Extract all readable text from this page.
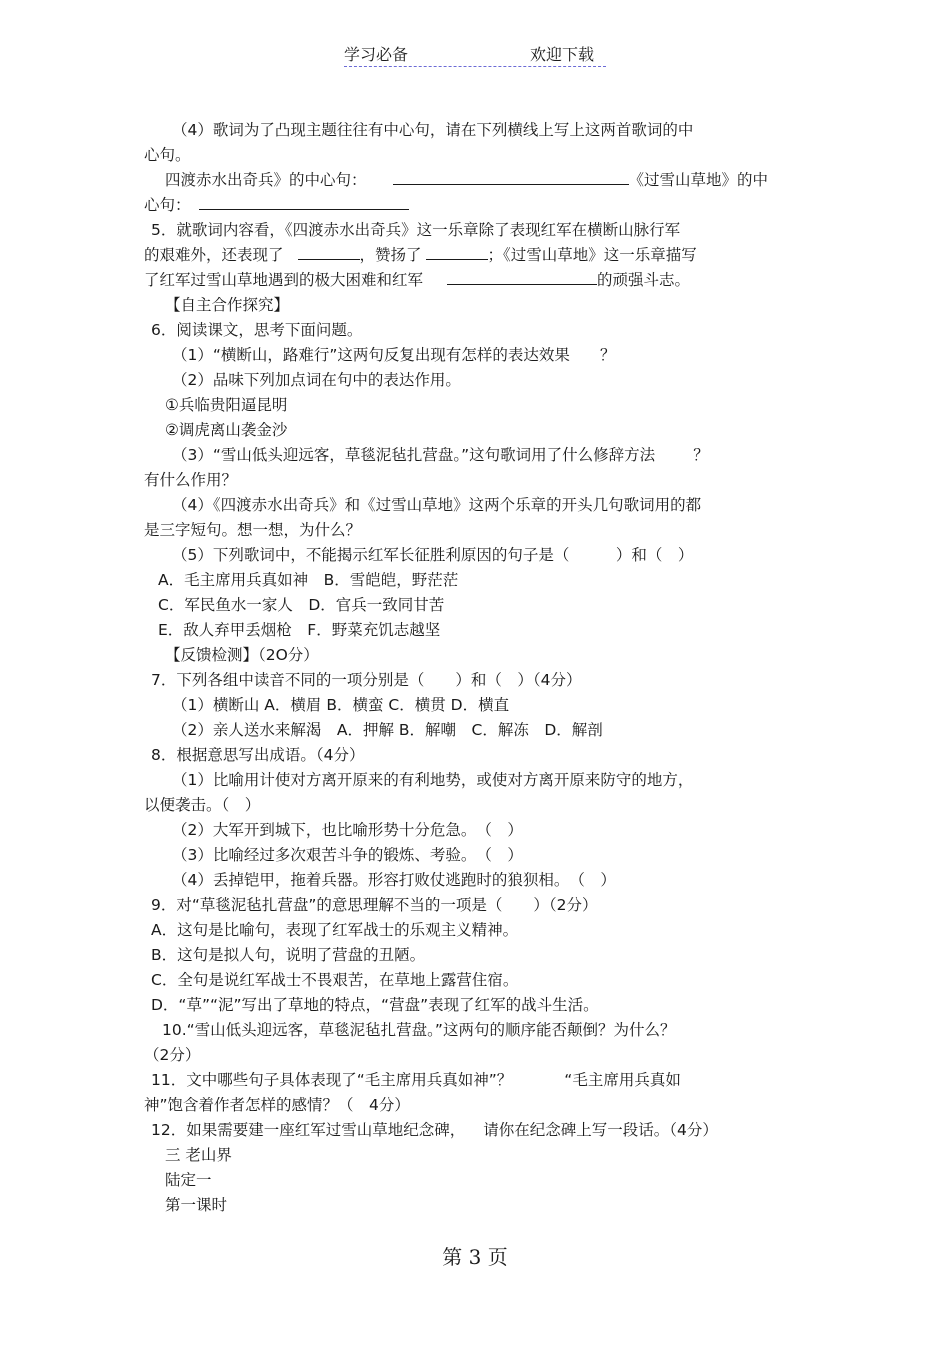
学习必备	欢迎下载
（4）歌词为了凸现主题往往有中心句，请在下列横线上写上这两首歌词的中
心句。
四渡赤水出奇兵》的中心句：	《过雪山草地》的中
心句：
5．就歌词内容看，《四渡赤水出奇兵》这一乐章除了表现红军在横断山脉行军
的艰难外，还表现了	，赞扬了	；《过雪山草地》这一乐章描写
了红军过雪山草地遇到的极大困难和红军	的顽强斗志。
【自主合作探究】
6．阅读课文，思考下面问题。
（1）“横断山，路难行”这两句反复出现有怎样的表达效果 ？
（2）品味下列加点词在句中的表达作用。
①兵临贵阳逼昆明
②调虎离山袭金沙
（3）“雪山低头迎远客，草毯泥毡扎营盘。”这句歌词用了什么修辞方法 ？
有什么作用？
（4）《四渡赤水出奇兵》和《过雪山草地》这两个乐章的开头几句歌词用的都
是三字短句。想一想，为什么？
（5）下列歌词中，不能揭示红军长征胜利原因的句子是（　　　）和（　）
A．毛主席用兵真如神　B．雪皑皑，野茫茫
C．军民鱼水一家人　D．官兵一致同甘苦
E．敌人弃甲丢烟枪　F．野菜充饥志越坚
【反馈检测】（2O分）
7．下列各组中读音不同的一项分别是（　　）和（　）（4分）
（1）横断山 A．横眉 B．横蛮 C．横贯 D．横直
（2）亲人送水来解渴　A．押解 B．解嘲　C．解冻　D．解剖
8．根据意思写出成语。（4分）
（1）比喻用计使对方离开原来的有利地势，或使对方离开原来防守的地方，
以便袭击。（　）
（2）大军开到城下，也比喻形势十分危急。　（　）
（3）比喻经过多次艰苦斗争的锻炼、考验。　（　）
（4）丢掉铠甲，拖着兵器。形容打败仗逃跑时的狼狈相。　（　）
9．对“草毯泥毡扎营盘”的意思理解不当的一项是（　　）（2分）
A．这句是比喻句，表现了红军战士的乐观主义精神。
B．这句是拟人句，说明了营盘的丑陋。
C．全句是说红军战士不畏艰苦，在草地上露营住宿。
D．“草”“泥”写出了草地的特点，“营盘”表现了红军的战斗生活。
10.“雪山低头迎远客，草毯泥毡扎营盘。”这两句的顺序能否颠倒？为什么？
（2分）
11．文中哪些句子具体表现了“毛主席用兵真如神”？	“毛主席用兵真如
神”饱含着作者怎样的感情？（　4分）
12．如果需要建一座红军过雪山草地纪念碑， 请你在纪念碑上写一段话。（4分）
三 老山界
陆定一
第一课时
第 3 页
